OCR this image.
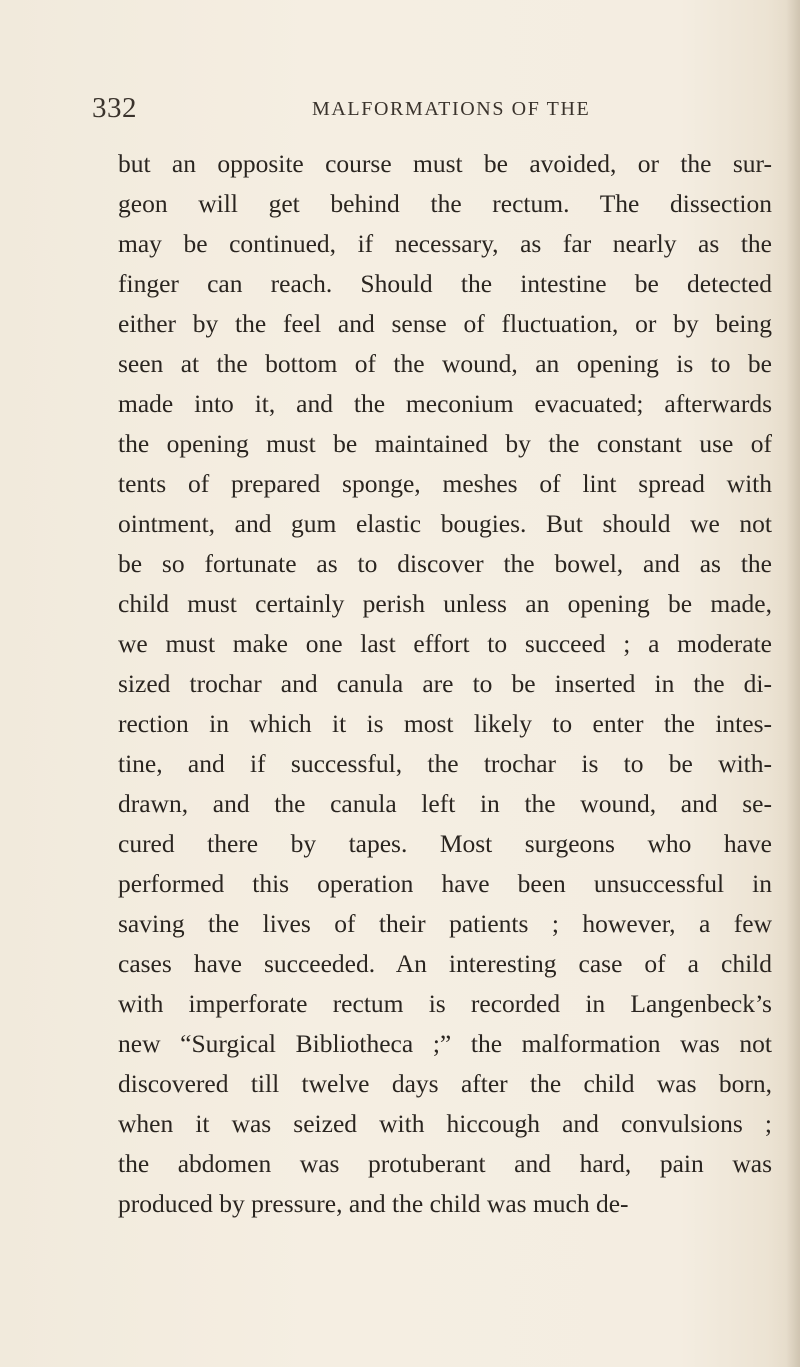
332	MALFORMATIONS OF THE
but an opposite course must be avoided, or the sur-
geon will get behind the rectum. The dissection
may be continued, if necessary, as far nearly as the
finger can reach. Should the intestine be detected
either by the feel and sense of fluctuation, or by being
seen at the bottom of the wound, an opening is to be
made into it, and the meconium evacuated; afterwards
the opening must be maintained by the constant use of
tents of prepared sponge, meshes of lint spread with
ointment, and gum elastic bougies. But should we not
be so fortunate as to discover the bowel, and as the
child must certainly perish unless an opening be made,
we must make one last effort to succeed ; a moderate
sized trochar and canula are to be inserted in the di-
rection in which it is most likely to enter the intes-
tine, and if successful, the trochar is to be with-
drawn, and the canula left in the wound, and se-
cured there by tapes. Most surgeons who have
performed this operation have been unsuccessful in
saving the lives of their patients ; however, a few
cases have succeeded. An interesting case of a child
with imperforate rectum is recorded in Langenbeck’s
new “Surgical Bibliotheca ;” the malformation was not
discovered till twelve days after the child was born,
when it was seized with hiccough and convulsions ;
the abdomen was protuberant and hard, pain was
produced by pressure, and the child was much de-
